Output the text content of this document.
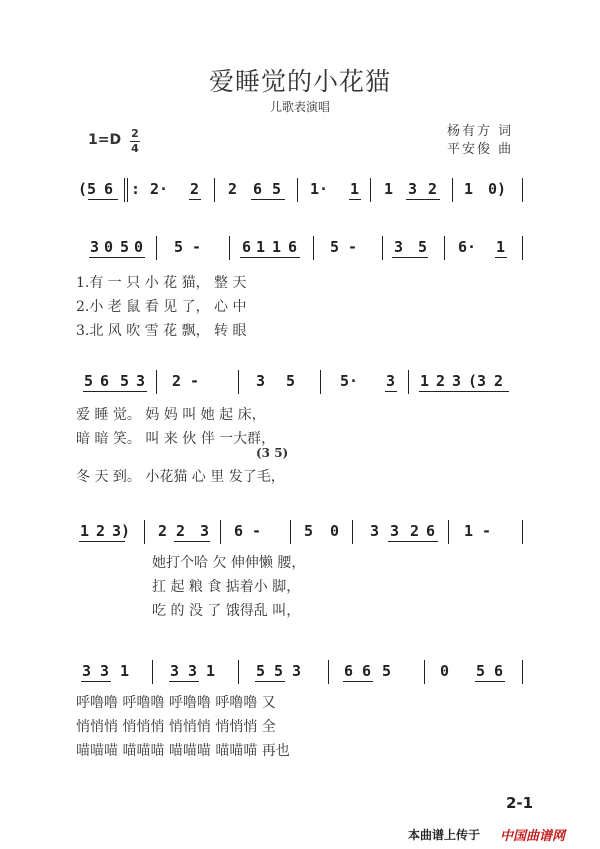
爱睡觉的小花猫
儿歌表演唱
杨有方 词
平安俊 曲
1=D 2
4
(5 6 : 2· 2 2 6 5 1· 1 1 3 2 1 0)
3 0 5 0 5 -	6 1 1 6 5 - 3 5 6· 1
1.有 一 只 小 花 猫， 整 天
2.小 老 鼠 看 见 了， 心 中
3.北 风 吹 雪 花 飘， 转 眼
5 6 5 3 2 -	3 5	5· 3 1 2 3 (3 2
爱 睡 觉。 妈 妈 叫 她 起 床，
暗 暗 笑。 叫 来 伙 伴 一大群，
(3 5)
冬 天 到。 小花猫 心 里 发了毛，
1 2 3) 2 2 3 6 -	5 0 3 3 2 6 1 -
她打个哈 欠 伸伸懒 腰，
扛 起 粮 食 掂着小 脚，
吃 的 没 了 饿得乱 叫，
3 3 1	3 3 1	5 5 3	6 6 5	0 5 6
呼噜噜 呼噜噜 呼噜噜 呼噜噜 又
悄悄悄 悄悄悄 悄悄悄 悄悄悄 全
喵喵喵 喵喵喵 喵喵喵 喵喵喵 再也
2-1
本曲谱上传于 中国曲谱网
